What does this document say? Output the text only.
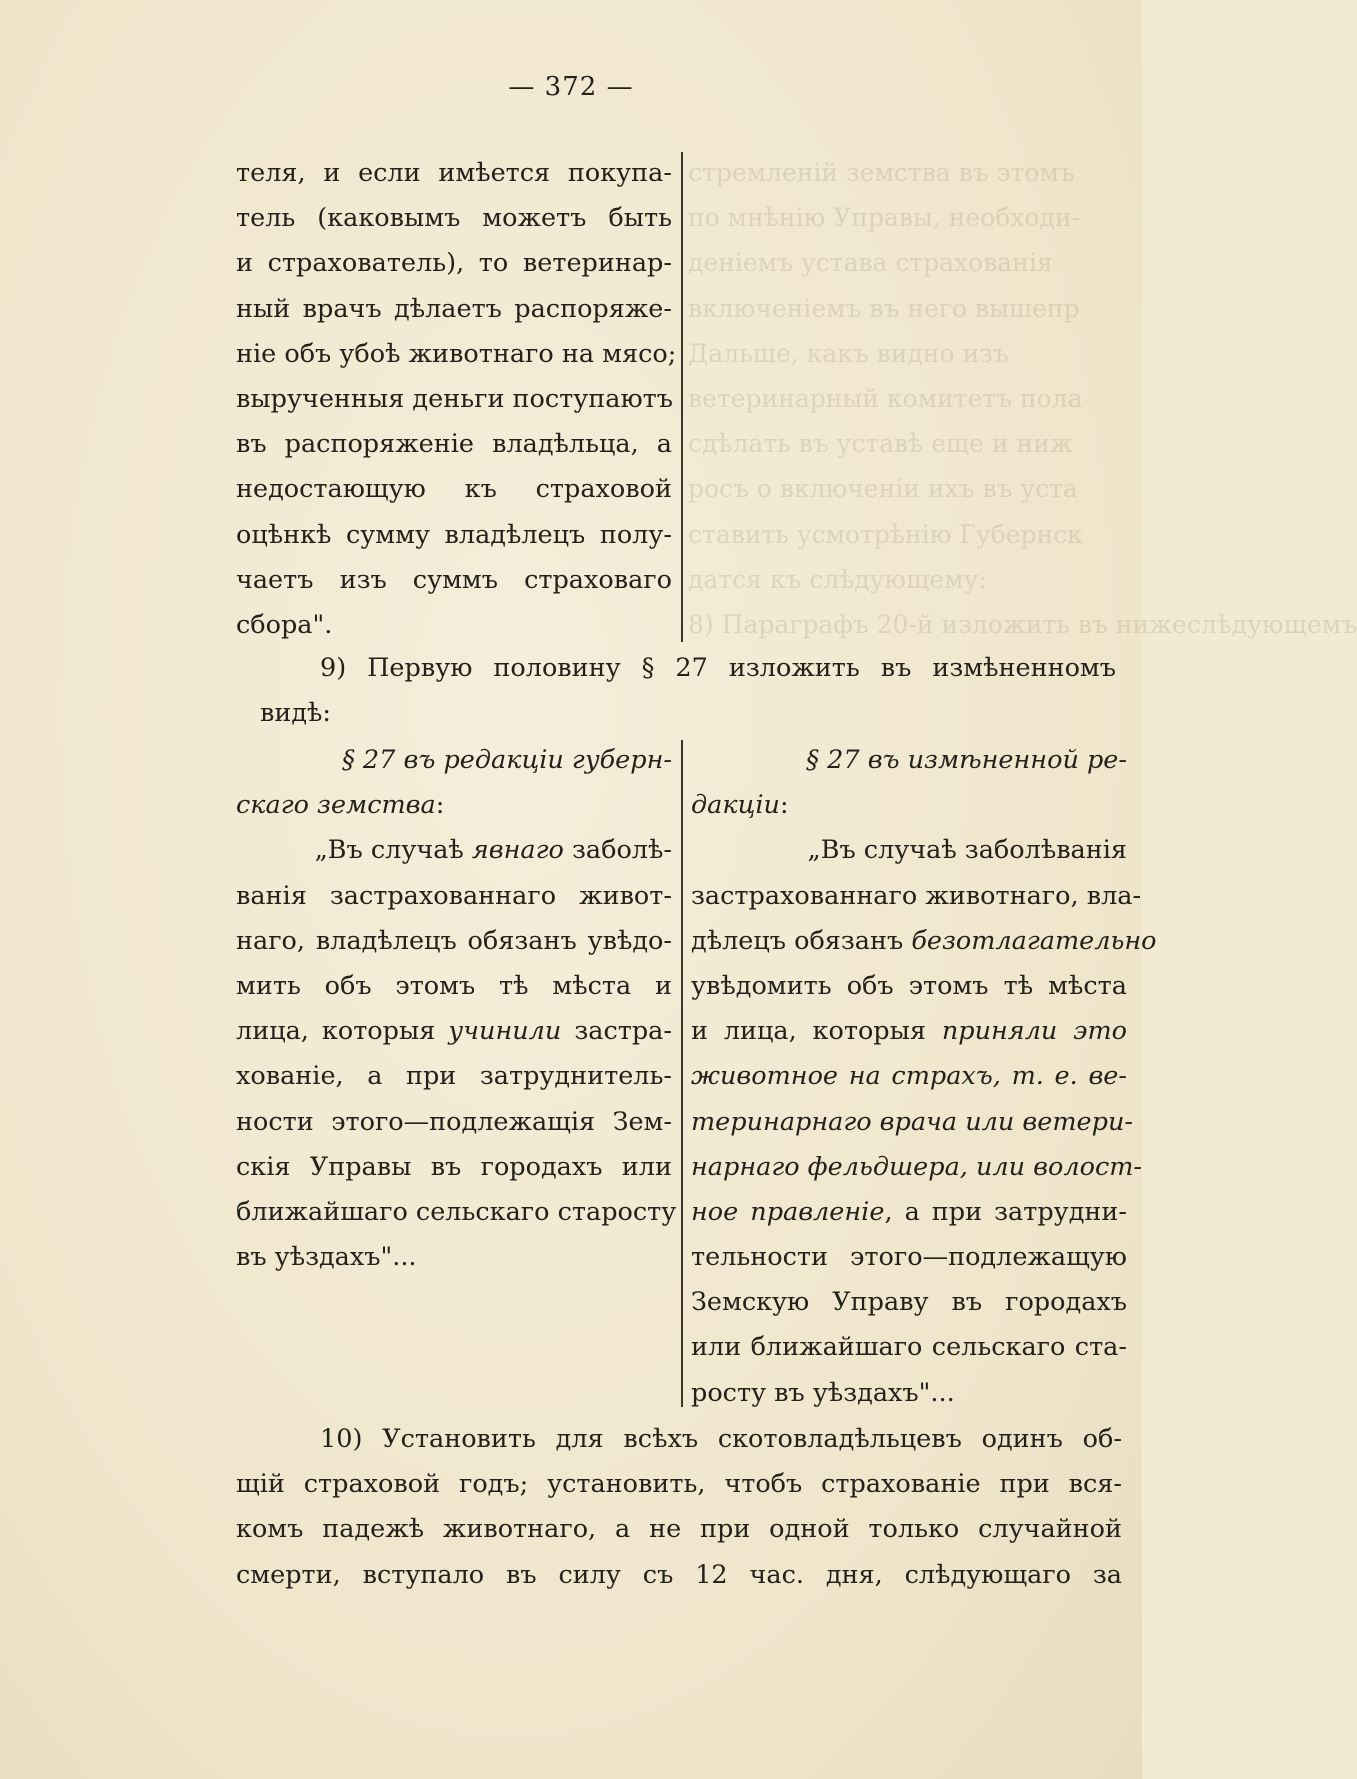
— 372 —

стремленій земства въ этомъ

по мнѣнію Управы, необходи-

деніемъ устава страхованія

включеніемъ въ него вышепр

Дальше, какъ видно изъ

ветеринарный комитетъ пола

сдѣлать въ уставѣ еще и ниж

росъ о включеніи ихъ въ уста

ставить усмотрѣнію Губернск

датся къ слѣдующему:

8) Параграфъ 20-й изложить въ нижеслѣдующемъ

теля, и если имѣется покупа-

тель (каковымъ можетъ быть

и страхователь), то ветеринар-

ный врачъ дѣлаетъ распоряже-

ніе объ убоѣ животнаго на мясо;

вырученныя деньги поступаютъ

въ распоряженіе владѣльца, а

недостающую къ страховой

оцѣнкѣ сумму владѣлецъ полу-

чаетъ изъ суммъ страховаго

сбора".

9) Первую половину § 27 изложить въ измѣненномъ

видѣ:

§ 27 въ редакціи губерн-

скаго земства:

„Въ случаѣ явнаго заболѣ-

ванія застрахованнаго живот-

наго, владѣлецъ обязанъ увѣдо-

мить объ этомъ тѣ мѣста и

лица, которыя учинили застра-

хованіе, а при затруднитель-

ности этого—подлежащія Зем-

скія Управы въ городахъ или

ближайшаго сельскаго старосту

въ уѣздахъ"...

§ 27 въ измѣненной ре-

дакціи:

„Въ случаѣ заболѣванія

застрахованнаго животнаго, вла-

дѣлецъ обязанъ безотлагательно

увѣдомить объ этомъ тѣ мѣста

и лица, которыя приняли это

животное на страхъ, т. е. ве-

теринарнаго врача или ветери-

нарнаго фельдшера, или волост-

ное правленіе, а при затрудни-

тельности этого—подлежащую

Земскую Управу въ городахъ

или ближайшаго сельскаго ста-

росту въ уѣздахъ"...

10) Установить для всѣхъ скотовладѣльцевъ одинъ об-

щій страховой годъ; установить, чтобъ страхованіе при вся-

комъ падежѣ животнаго, а не при одной только случайной

смерти, вступало въ силу съ 12 час. дня, слѣдующаго за
